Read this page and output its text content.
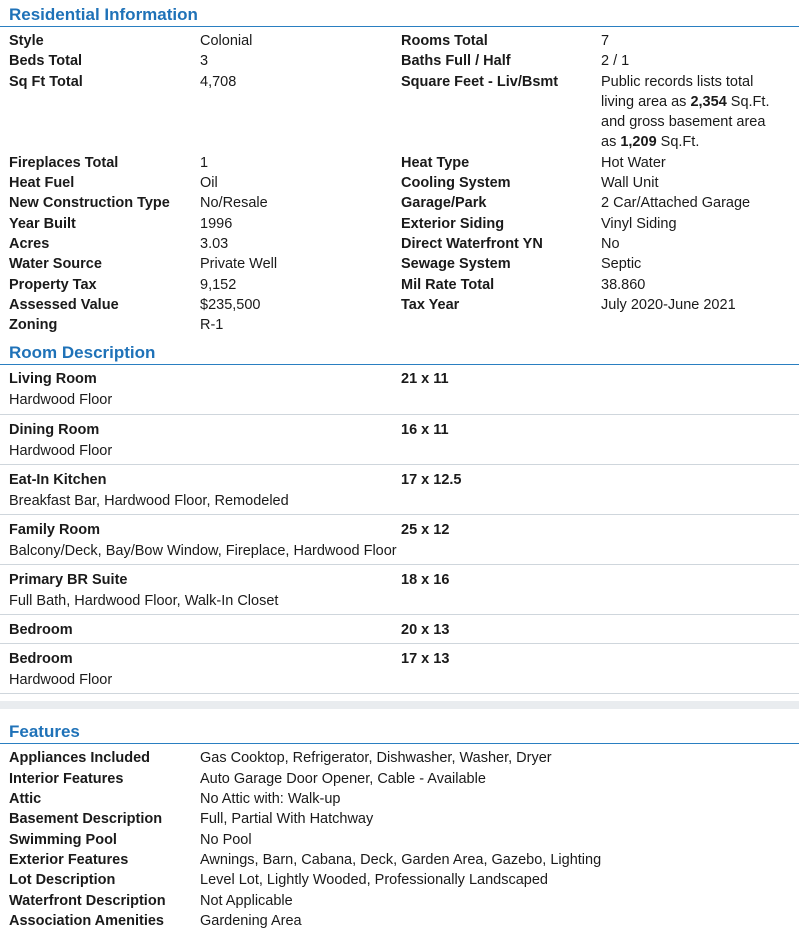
Residential Information
Style	Colonial	Rooms Total	7
Beds Total	3	Baths Full / Half	2 / 1
Sq Ft Total	4,708	Square Feet - Liv/Bsmt	Public records lists total
living area as 2,354 Sq.Ft.
and gross basement area
as 1,209 Sq.Ft.
Fireplaces Total	1	Heat Type	Hot Water
Heat Fuel	Oil	Cooling System	Wall Unit
New Construction Type	No/Resale	Garage/Park	2 Car/Attached Garage
Year Built	1996	Exterior Siding	Vinyl Siding
Acres	3.03	Direct Waterfront YN	No
Water Source	Private Well	Sewage System	Septic
Property Tax	9,152	Mil Rate Total	38.860
Assessed Value	$235,500	Tax Year	July 2020-June 2021
Zoning	R-1
Room Description
Living Room	21 x 11
Hardwood Floor
Dining Room	16 x 11
Hardwood Floor
Eat-In Kitchen	17 x 12.5
Breakfast Bar, Hardwood Floor, Remodeled
Family Room	25 x 12
Balcony/Deck, Bay/Bow Window, Fireplace, Hardwood Floor
Primary BR Suite	18 x 16
Full Bath, Hardwood Floor, Walk-In Closet
Bedroom	20 x 13
Bedroom	17 x 13
Hardwood Floor
Features
Appliances Included	Gas Cooktop, Refrigerator, Dishwasher, Washer, Dryer
Interior Features	Auto Garage Door Opener, Cable - Available
Attic	No Attic with: Walk-up
Basement Description	Full, Partial With Hatchway
Swimming Pool	No Pool
Exterior Features	Awnings, Barn, Cabana, Deck, Garden Area, Gazebo, Lighting
Lot Description	Level Lot, Lightly Wooded, Professionally Landscaped
Waterfront Description	Not Applicable
Association Amenities	Gardening Area
